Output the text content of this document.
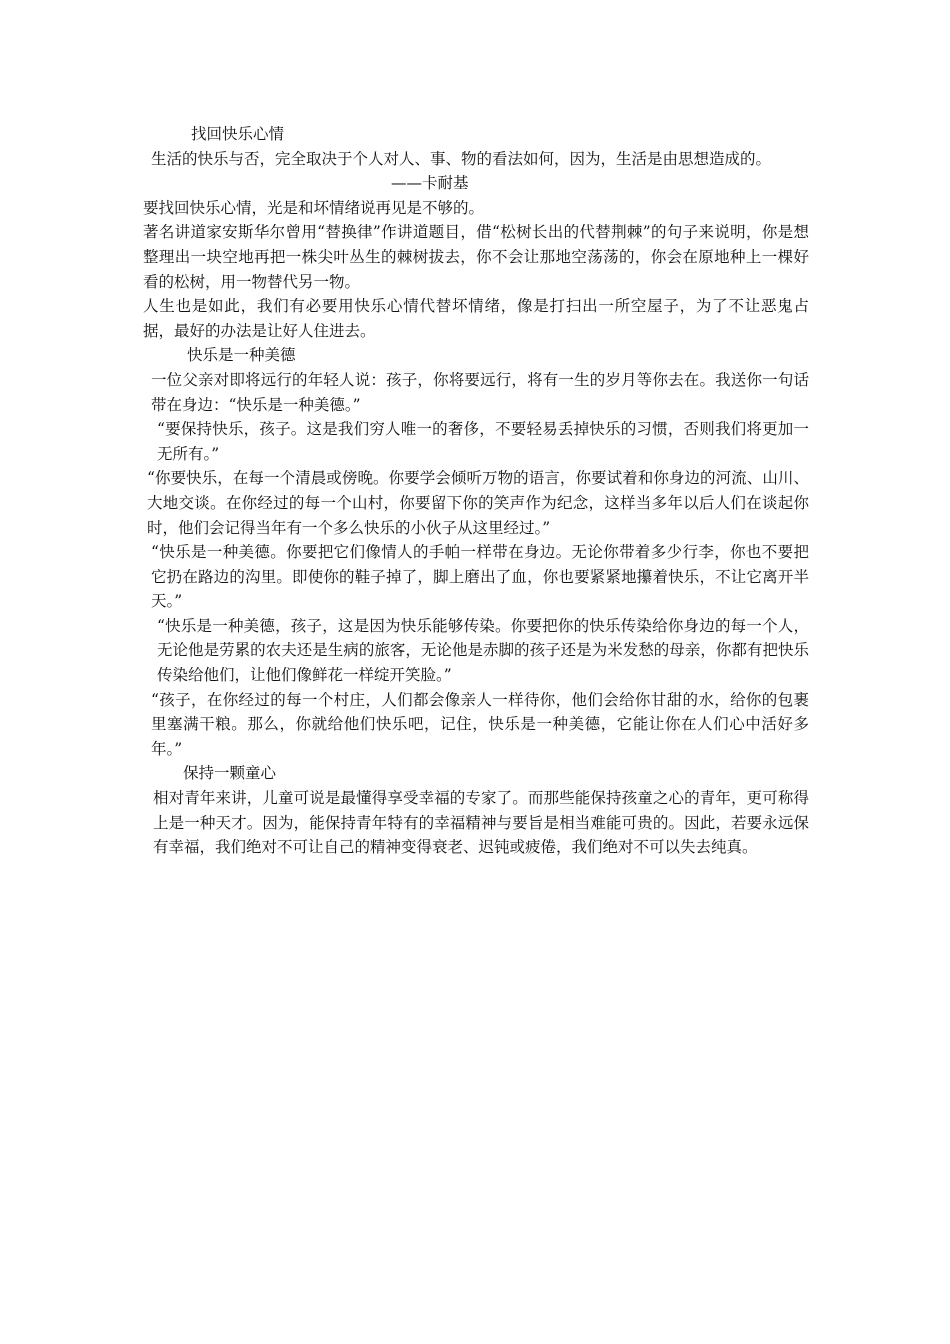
找回快乐心情

生活的快乐与否，完全取决于个人对人、事、物的看法如何，因为，生活是由思想造成的。

——卡耐基

要找回快乐心情，光是和坏情绪说再见是不够的。

著名讲道家安斯华尔曾用“替换律”作讲道题目，借“松树长出的代替荆棘”的句子来说明，你是想整理出一块空地再把一株尖叶丛生的棘树拔去，你不会让那地空荡荡的，你会在原地种上一棵好看的松树，用一物替代另一物。

人生也是如此，我们有必要用快乐心情代替坏情绪，像是打扫出一所空屋子，为了不让恶鬼占据，最好的办法是让好人住进去。

快乐是一种美德

一位父亲对即将远行的年轻人说：孩子，你将要远行，将有一生的岁月等你去在。我送你一句话带在身边：“快乐是一种美德。”

“要保持快乐，孩子。这是我们穷人唯一的奢侈，不要轻易丢掉快乐的习惯，否则我们将更加一无所有。”

“你要快乐，在每一个清晨或傍晚。你要学会倾听万物的语言，你要试着和你身边的河流、山川、大地交谈。在你经过的每一个山村，你要留下你的笑声作为纪念，这样当多年以后人们在谈起你时，他们会记得当年有一个多么快乐的小伙子从这里经过。”

“快乐是一种美德。你要把它们像情人的手帕一样带在身边。无论你带着多少行李，你也不要把它扔在路边的沟里。即使你的鞋子掉了，脚上磨出了血，你也要紧紧地攥着快乐，不让它离开半天。”

“快乐是一种美德，孩子，这是因为快乐能够传染。你要把你的快乐传染给你身边的每一个人，无论他是劳累的农夫还是生病的旅客，无论他是赤脚的孩子还是为米发愁的母亲，你都有把快乐传染给他们，让他们像鲜花一样绽开笑脸。”

“孩子，在你经过的每一个村庄，人们都会像亲人一样待你，他们会给你甘甜的水，给你的包裹里塞满干粮。那么，你就给他们快乐吧，记住，快乐是一种美德，它能让你在人们心中活好多年。”

保持一颗童心

相对青年来讲，儿童可说是最懂得享受幸福的专家了。而那些能保持孩童之心的青年，更可称得上是一种天才。因为，能保持青年特有的幸福精神与要旨是相当难能可贵的。因此，若要永远保有幸福，我们绝对不可让自己的精神变得衰老、迟钝或疲倦，我们绝对不可以失去纯真。
